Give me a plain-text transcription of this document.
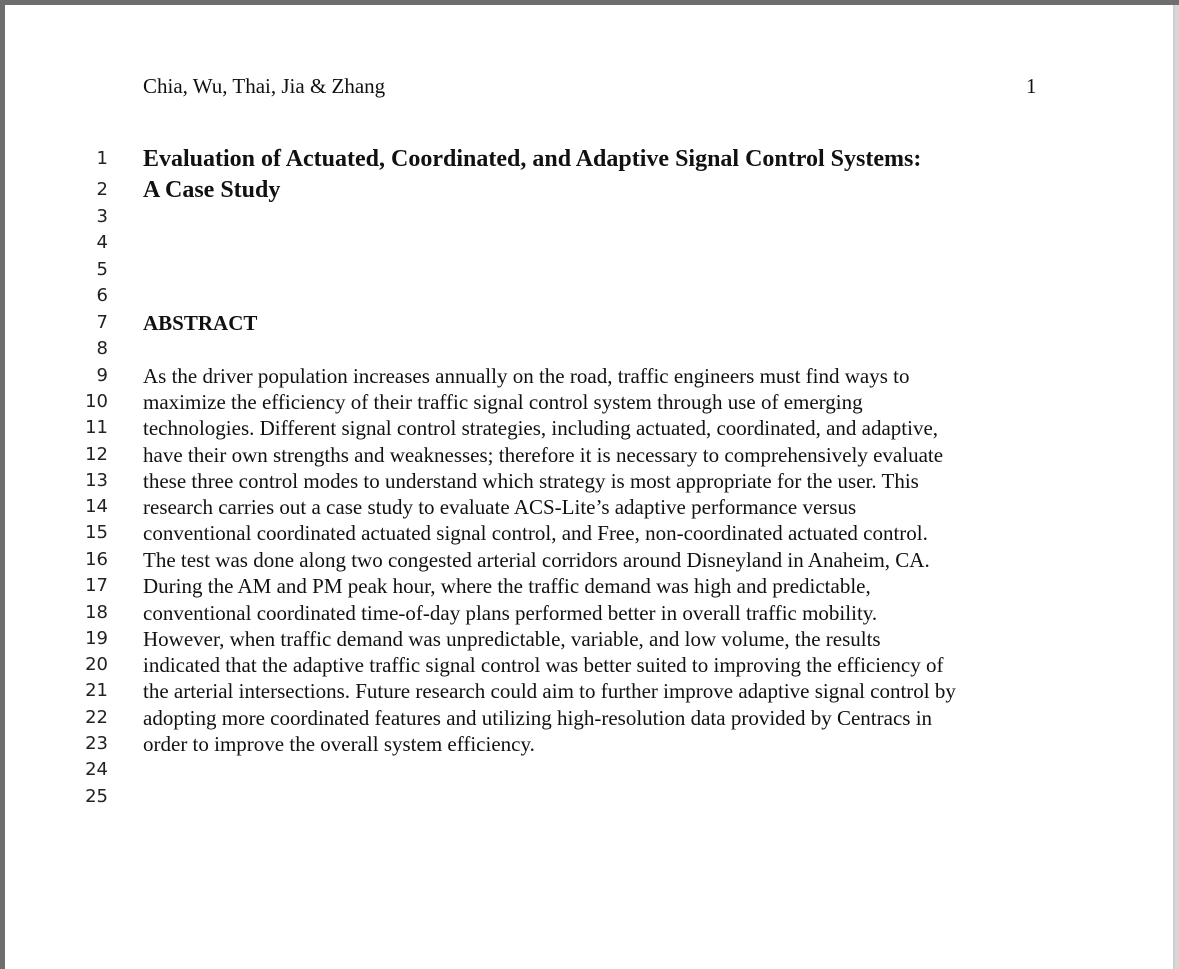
Chia, Wu, Thai, Jia & Zhang	1
1
2
3
4
5
6
7
8
9
10
11
12
13
14
15
16
17
18
19
20
21
22
23
24
25
Evaluation of Actuated, Coordinated, and Adaptive Signal Control Systems:
A Case Study
ABSTRACT
As the driver population increases annually on the road, traffic engineers must find ways to
maximize the efficiency of their traffic signal control system through use of emerging
technologies. Different signal control strategies, including actuated, coordinated, and adaptive,
have their own strengths and weaknesses; therefore it is necessary to comprehensively evaluate
these three control modes to understand which strategy is most appropriate for the user. This
research carries out a case study to evaluate ACS-Lite’s adaptive performance versus
conventional coordinated actuated signal control, and Free, non-coordinated actuated control.
The test was done along two congested arterial corridors around Disneyland in Anaheim, CA.
During the AM and PM peak hour, where the traffic demand was high and predictable,
conventional coordinated time-of-day plans performed better in overall traffic mobility.
However, when traffic demand was unpredictable, variable, and low volume, the results
indicated that the adaptive traffic signal control was better suited to improving the efficiency of
the arterial intersections. Future research could aim to further improve adaptive signal control by
adopting more coordinated features and utilizing high-resolution data provided by Centracs in
order to improve the overall system efficiency.
